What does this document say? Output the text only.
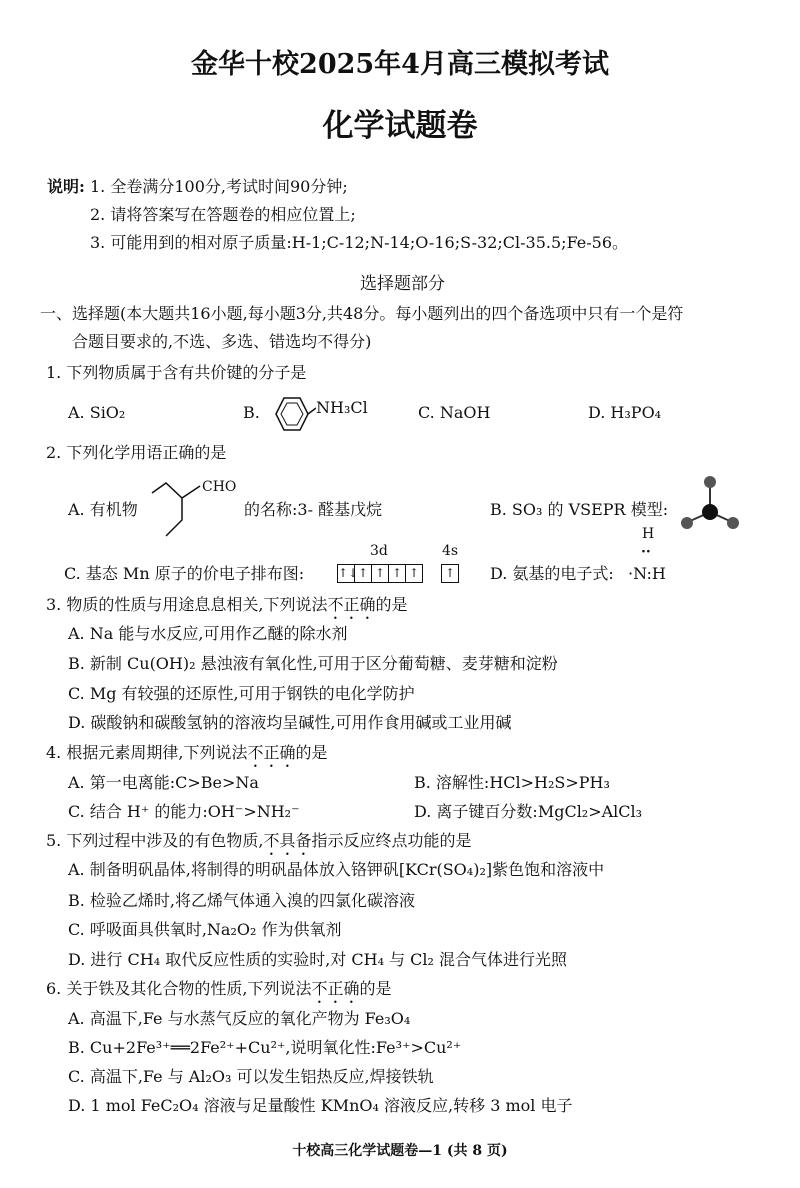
金华十校2025年4月高三模拟考试
化学试题卷
说明: 1. 全卷满分100分,考试时间90分钟;
2. 请将答案写在答题卷的相应位置上;
3. 可能用到的相对原子质量:H-1;C-12;N-14;O-16;S-32;Cl-35.5;Fe-56。
选择题部分
一、选择题(本大题共16小题,每小题3分,共48分。每小题列出的四个备选项中只有一个是符
合题目要求的,不选、多选、错选均不得分)
1. 下列物质属于含有共价键的分子是
A. SiO₂	B.	NH₃Cl	C. NaOH	D. H₃PO₄
2. 下列化学用语正确的是
A. 有机物
CHO
的名称:3- 醛基戊烷	B. SO₃ 的 VSEPR 模型:
C. 基态 Mn 原子的价电子排布图:
3d	4s
↑↓ ↑ ↑ ↑ ↑	↑ D. 氨基的电子式:
H
··
·N:H
3. 物质的性质与用途息息相关,下列说法不正确的是
A. Na 能与水反应,可用作乙醚的除水剂
B. 新制 Cu(OH)₂ 悬浊液有氧化性,可用于区分葡萄糖、麦芽糖和淀粉
C. Mg 有较强的还原性,可用于钢铁的电化学防护
D. 碳酸钠和碳酸氢钠的溶液均呈碱性,可用作食用碱或工业用碱
4. 根据元素周期律,下列说法不正确的是
A. 第一电离能:C>Be>Na	B. 溶解性:HCl>H₂S>PH₃
C. 结合 H⁺ 的能力:OH⁻>NH₂⁻	D. 离子键百分数:MgCl₂>AlCl₃
5. 下列过程中涉及的有色物质,不具备指示反应终点功能的是
A. 制备明矾晶体,将制得的明矾晶体放入铬钾矾[KCr(SO₄)₂]紫色饱和溶液中
B. 检验乙烯时,将乙烯气体通入溴的四氯化碳溶液
C. 呼吸面具供氧时,Na₂O₂ 作为供氧剂
D. 进行 CH₄ 取代反应性质的实验时,对 CH₄ 与 Cl₂ 混合气体进行光照
6. 关于铁及其化合物的性质,下列说法不正确的是
A. 高温下,Fe 与水蒸气反应的氧化产物为 Fe₃O₄
B. Cu+2Fe³⁺══2Fe²⁺+Cu²⁺,说明氧化性:Fe³⁺>Cu²⁺
C. 高温下,Fe 与 Al₂O₃ 可以发生铝热反应,焊接铁轨
D. 1 mol FeC₂O₄ 溶液与足量酸性 KMnO₄ 溶液反应,转移 3 mol 电子
十校高三化学试题卷—1 (共 8 页)
